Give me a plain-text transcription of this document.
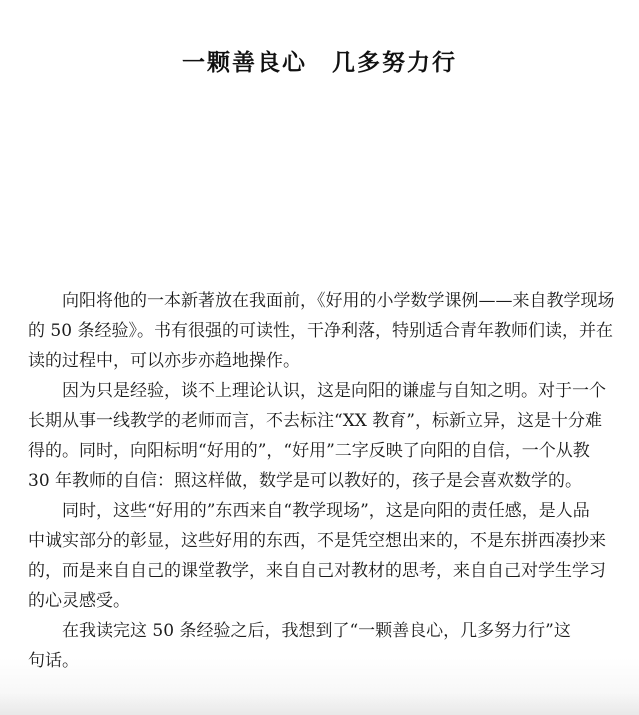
一颗善良心　几多努力行
向阳将他的一本新著放在我面前，《好用的小学数学课例——来自教学现场
的 50 条经验》。书有很强的可读性，干净利落，特别适合青年教师们读，并在
读的过程中，可以亦步亦趋地操作。
因为只是经验，谈不上理论认识，这是向阳的谦虚与自知之明。对于一个
长期从事一线教学的老师而言，不去标注“XX 教育”，标新立异，这是十分难
得的。同时，向阳标明“好用的”，“好用”二字反映了向阳的自信，一个从教
30 年教师的自信：照这样做，数学是可以教好的，孩子是会喜欢数学的。
同时，这些“好用的”东西来自“教学现场”，这是向阳的责任感，是人品
中诚实部分的彰显，这些好用的东西，不是凭空想出来的，不是东拼西凑抄来
的，而是来自自己的课堂教学，来自自己对教材的思考，来自自己对学生学习
的心灵感受。
在我读完这 50 条经验之后，我想到了“一颗善良心，几多努力行”这
句话。
